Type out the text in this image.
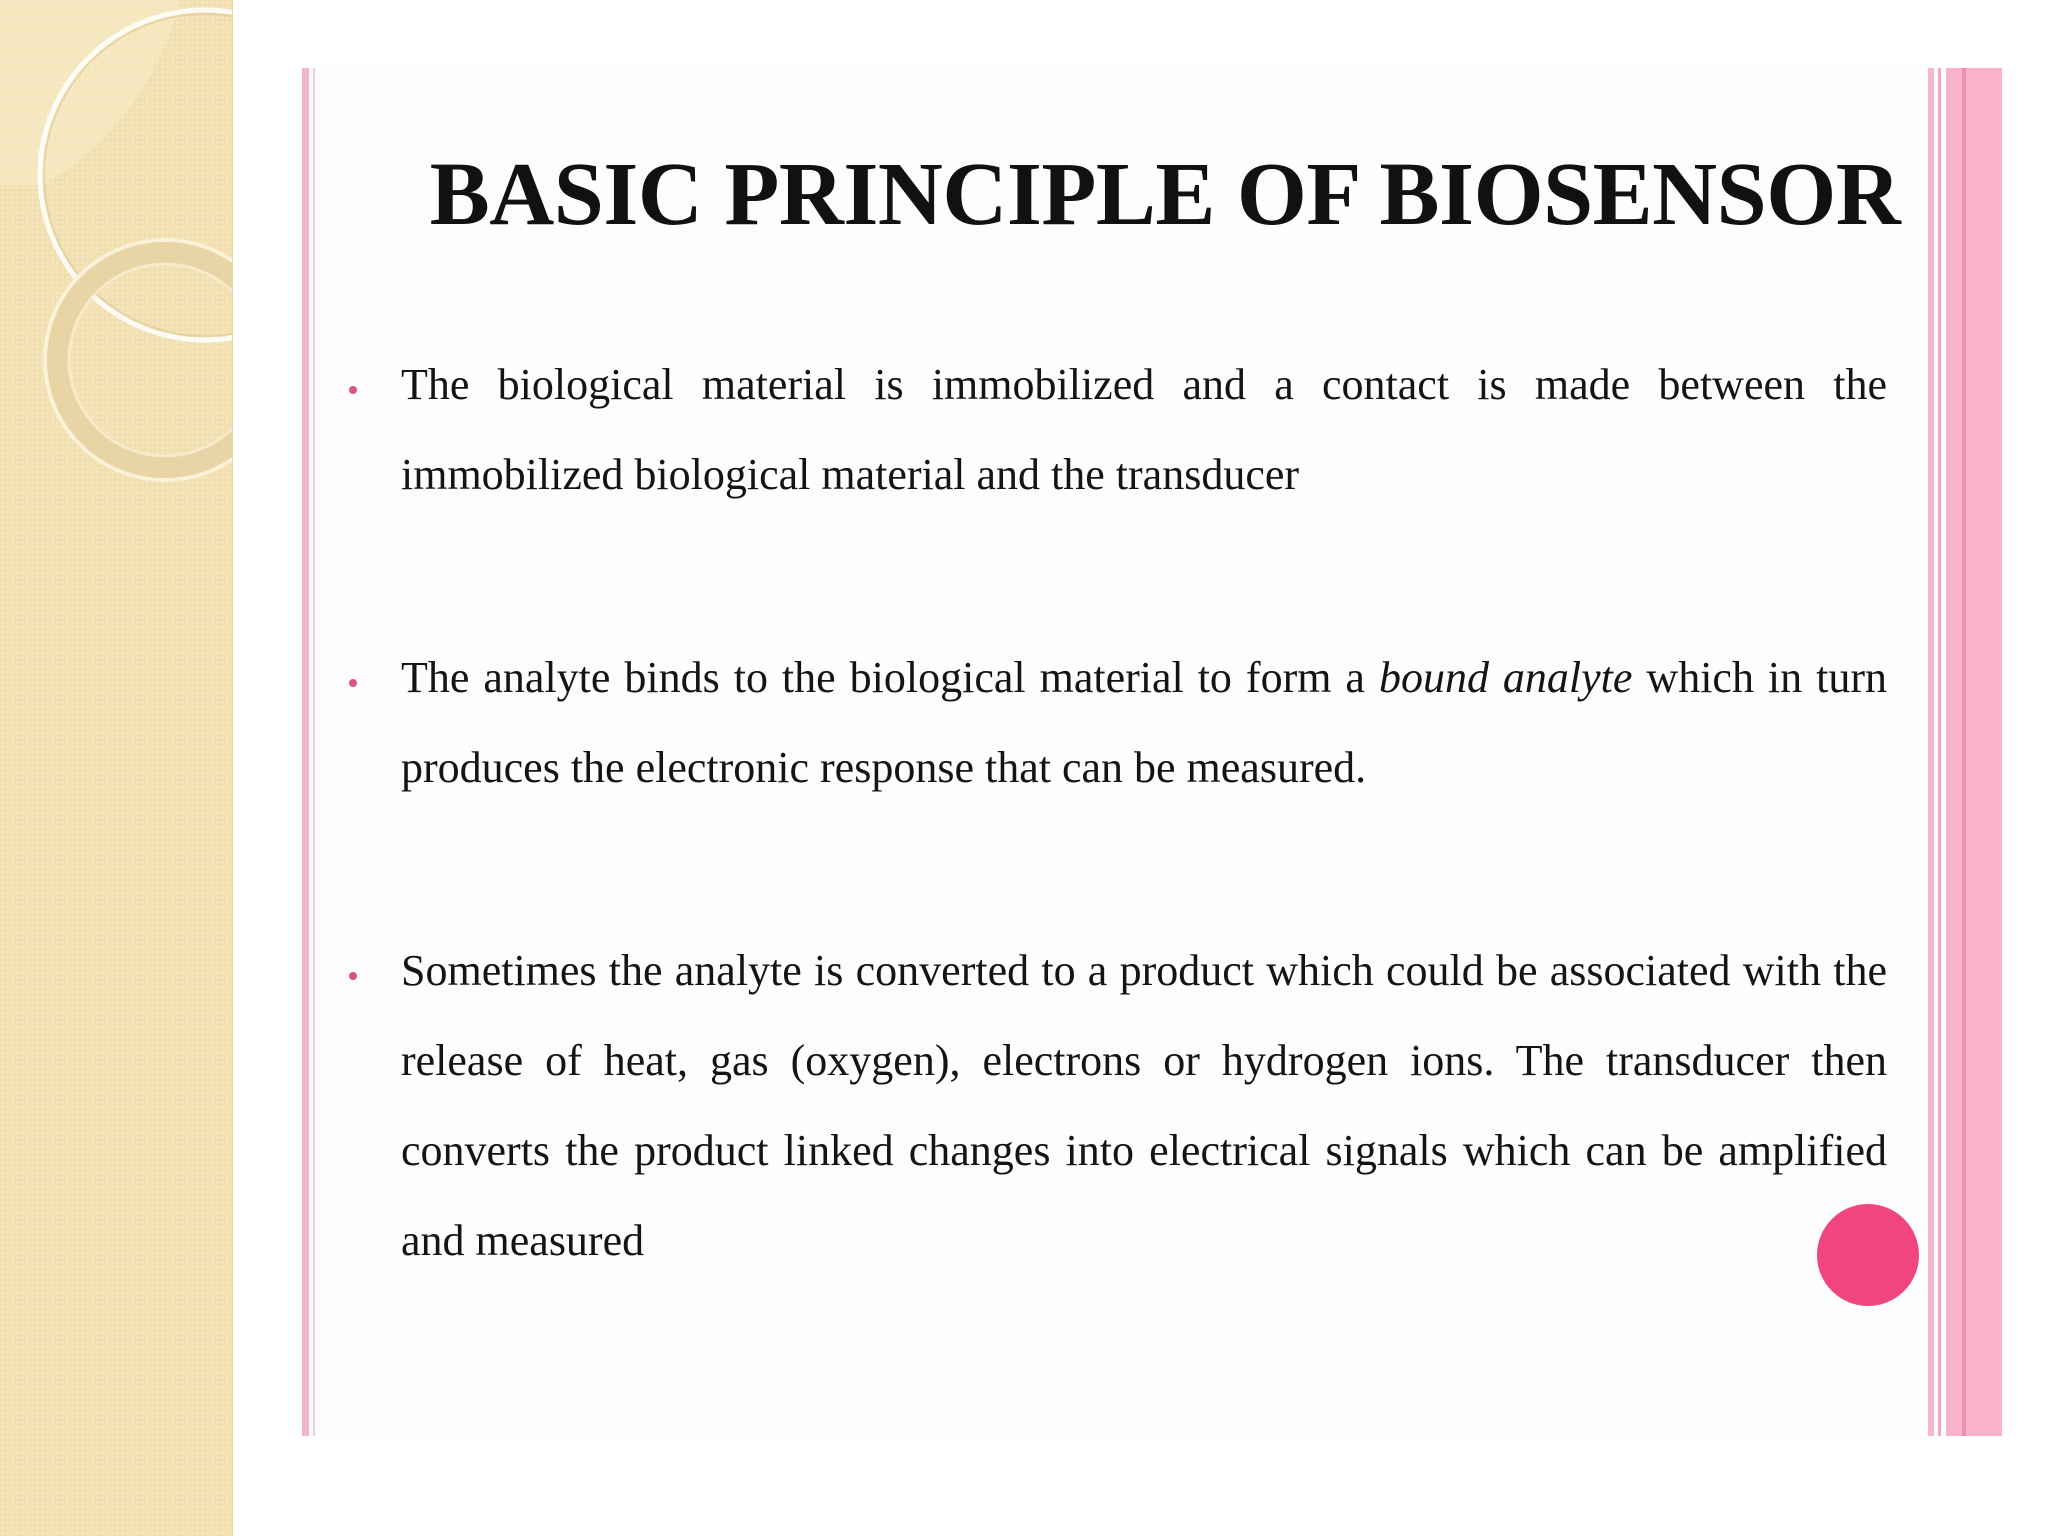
BASIC PRINCIPLE OF BIOSENSOR

The biological material is immobilized and a contact is made between the immobilized biological material and the transducer

The analyte binds to the biological material to form a bound analyte which in turn produces the electronic response that can be measured.

Sometimes the analyte is converted to a product which could be associated with the release of heat, gas (oxygen), electrons or hydrogen ions. The transducer then converts the product linked changes into electrical signals which can be amplified and measured
